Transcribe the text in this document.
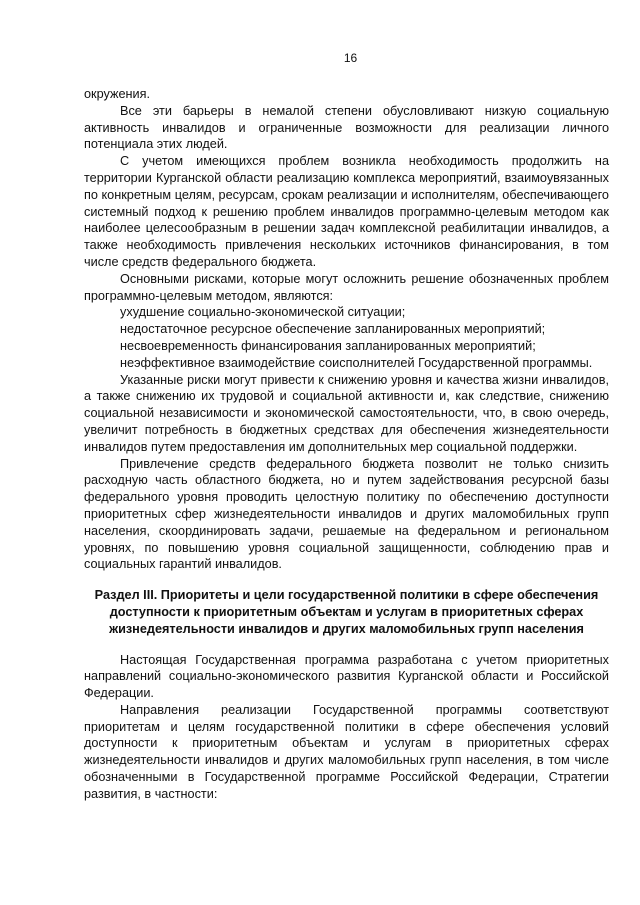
16

окружения.

Все эти барьеры в немалой степени обусловливают низкую социальную активность инвалидов и ограниченные возможности для реализации личного потенциала этих людей.

С учетом имеющихся проблем возникла необходимость продолжить на территории Курганской области реализацию комплекса мероприятий, взаимоувязанных по конкретным целям, ресурсам, срокам реализации и исполнителям, обеспечивающего системный подход к решению проблем инвалидов программно-целевым методом как наиболее целесообразным в решении задач комплексной реабилитации инвалидов, а также необходимость привлечения нескольких источников финансирования, в том числе средств федерального бюджета.

Основными рисками, которые могут осложнить решение обозначенных проблем программно-целевым методом, являются:

ухудшение социально-экономической ситуации;

недостаточное ресурсное обеспечение запланированных мероприятий;

несвоевременность финансирования запланированных мероприятий;

неэффективное взаимодействие соисполнителей Государственной программы.

Указанные риски могут привести к снижению уровня и качества жизни инвалидов, а также снижению их трудовой и социальной активности и, как следствие, снижению социальной независимости и экономической самостоятельности, что, в свою очередь, увеличит потребность в бюджетных средствах для обеспечения жизнедеятельности инвалидов путем предоставления им дополнительных мер социальной поддержки.

Привлечение средств федерального бюджета позволит не только снизить расходную часть областного бюджета, но и путем задействования ресурсной базы федерального уровня проводить целостную политику по обеспечению доступности приоритетных сфер жизнедеятельности инвалидов и других маломобильных групп населения, скоординировать задачи, решаемые на федеральном и региональном уровнях, по повышению уровня социальной защищенности, соблюдению прав и социальных гарантий инвалидов.

Раздел III. Приоритеты и цели государственной политики в сфере обеспечения доступности к приоритетным объектам и услугам в приоритетных сферах жизнедеятельности инвалидов и других маломобильных групп населения

Настоящая Государственная программа разработана с учетом приоритетных направлений социально-экономического развития Курганской области и Российской Федерации.

Направления реализации Государственной программы соответствуют приоритетам и целям государственной политики в сфере обеспечения условий доступности к приоритетным объектам и услугам в приоритетных сферах жизнедеятельности инвалидов и других маломобильных групп населения, в том числе обозначенными в Государственной программе Российской Федерации, Стратегии развития, в частности:
